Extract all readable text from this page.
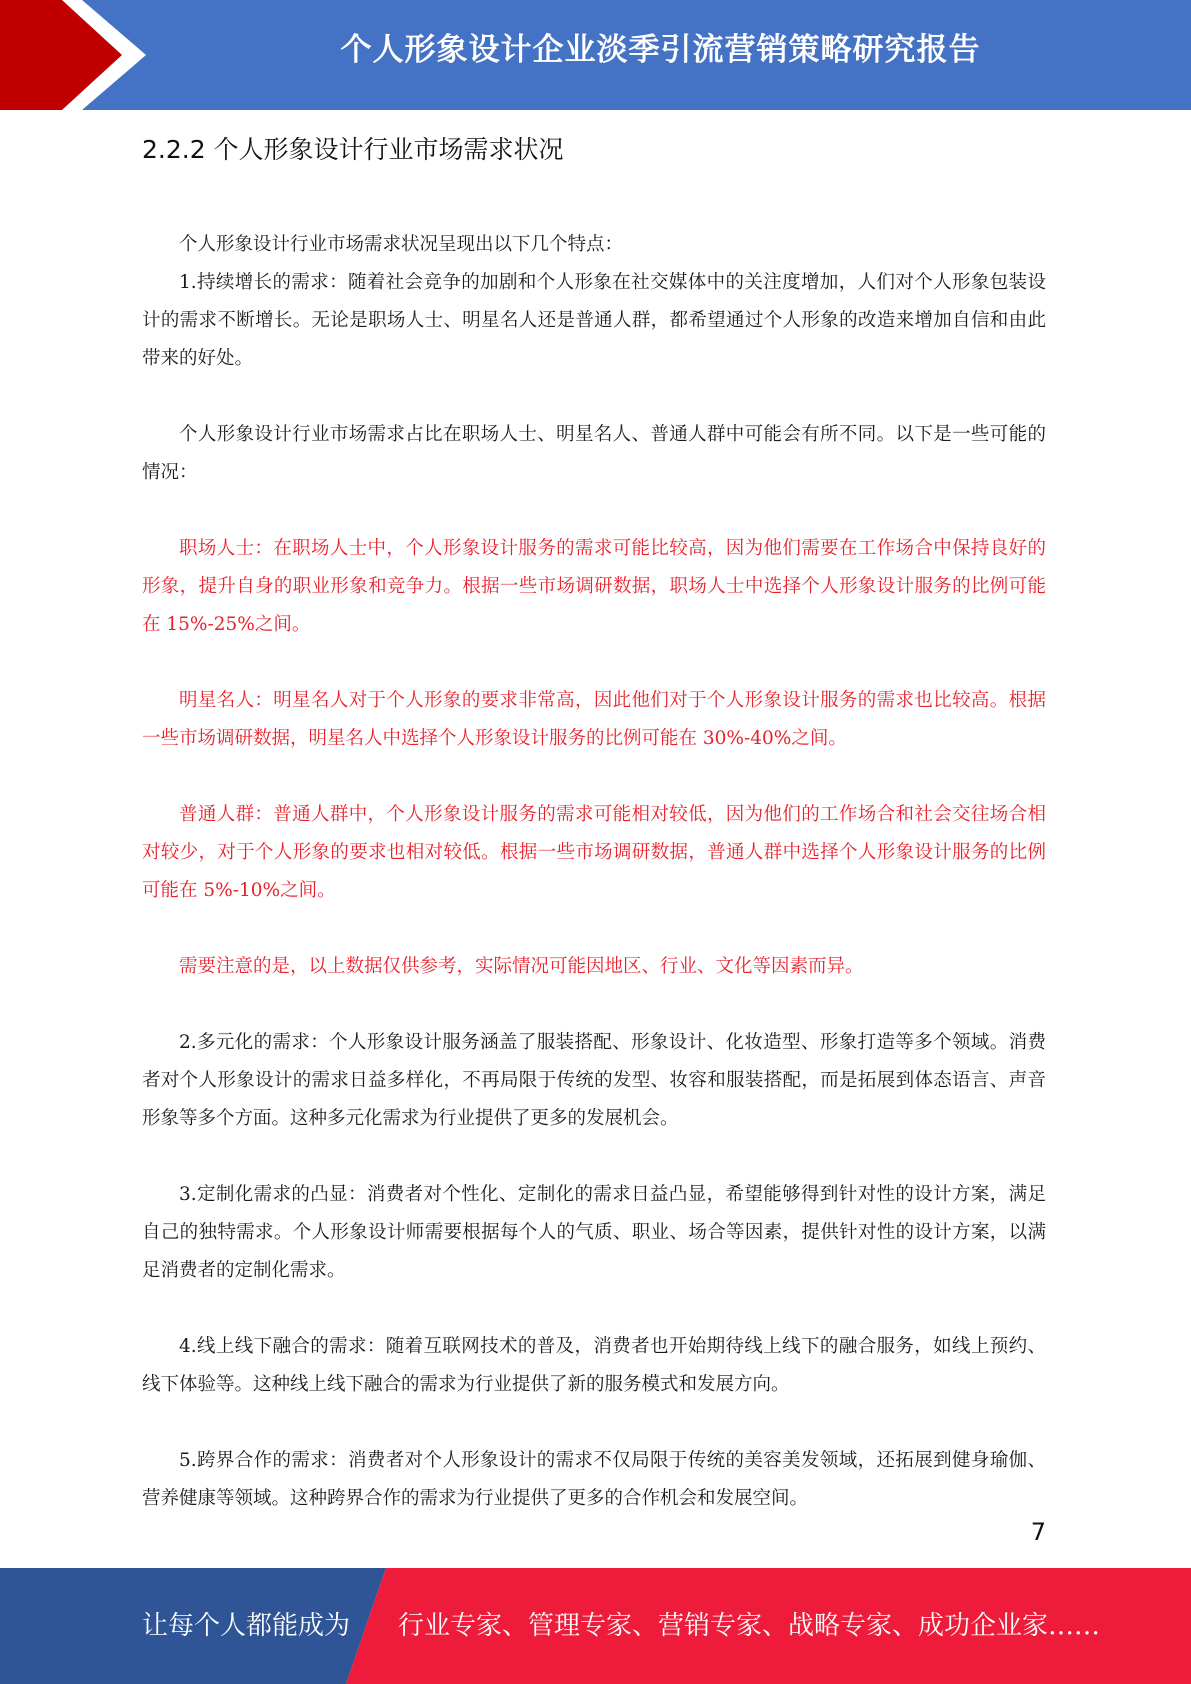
个人形象设计企业淡季引流营销策略研究报告
2.2.2 个人形象设计行业市场需求状况

个人形象设计行业市场需求状况呈现出以下几个特点：

1.持续增长的需求：随着社会竞争的加剧和个人形象在社交媒体中的关注度增加，人们对个人形象包装设计的需求不断增长。无论是职场人士、明星名人还是普通人群，都希望通过个人形象的改造来增加自信和由此带来的好处。

个人形象设计行业市场需求占比在职场人士、明星名人、普通人群中可能会有所不同。以下是一些可能的情况：

职场人士：在职场人士中，个人形象设计服务的需求可能比较高，因为他们需要在工作场合中保持良好的形象，提升自身的职业形象和竞争力。根据一些市场调研数据，职场人士中选择个人形象设计服务的比例可能在 15%-25%之间。

明星名人：明星名人对于个人形象的要求非常高，因此他们对于个人形象设计服务的需求也比较高。根据一些市场调研数据，明星名人中选择个人形象设计服务的比例可能在 30%-40%之间。

普通人群：普通人群中，个人形象设计服务的需求可能相对较低，因为他们的工作场合和社会交往场合相对较少，对于个人形象的要求也相对较低。根据一些市场调研数据，普通人群中选择个人形象设计服务的比例可能在 5%-10%之间。

需要注意的是，以上数据仅供参考，实际情况可能因地区、行业、文化等因素而异。

2.多元化的需求：个人形象设计服务涵盖了服装搭配、形象设计、化妆造型、形象打造等多个领域。消费者对个人形象设计的需求日益多样化，不再局限于传统的发型、妆容和服装搭配，而是拓展到体态语言、声音形象等多个方面。这种多元化需求为行业提供了更多的发展机会。

3.定制化需求的凸显：消费者对个性化、定制化的需求日益凸显，希望能够得到针对性的设计方案，满足自己的独特需求。个人形象设计师需要根据每个人的气质、职业、场合等因素，提供针对性的设计方案，以满足消费者的定制化需求。

4.线上线下融合的需求：随着互联网技术的普及，消费者也开始期待线上线下的融合服务，如线上预约、线下体验等。这种线上线下融合的需求为行业提供了新的服务模式和发展方向。

5.跨界合作的需求：消费者对个人形象设计的需求不仅局限于传统的美容美发领域，还拓展到健身瑜伽、营养健康等领域。这种跨界合作的需求为行业提供了更多的合作机会和发展空间。

7
让每个人都能成为 行业专家、管理专家、营销专家、战略专家、成功企业家……
